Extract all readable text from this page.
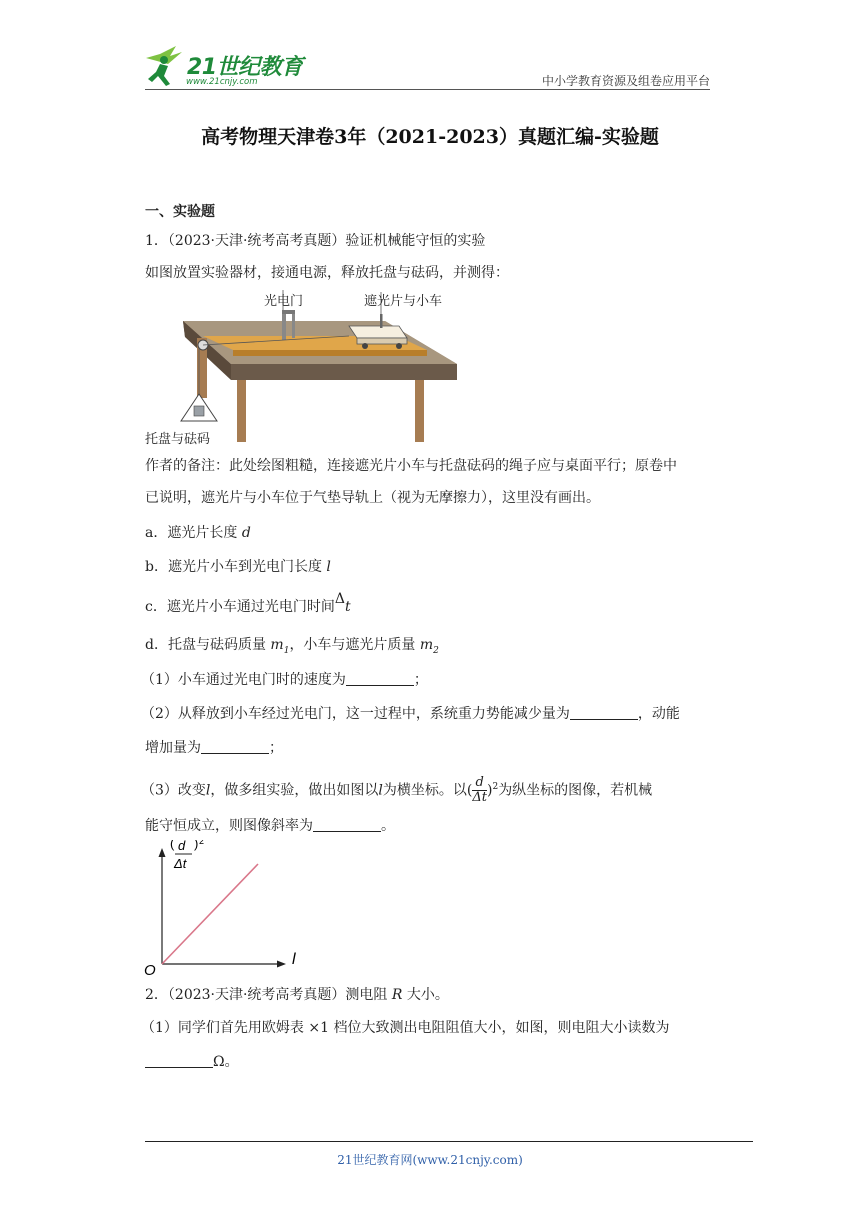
21世纪教育
www.21cnjy.com	中小学教育资源及组卷应用平台
高考物理天津卷3年（2021-2023）真题汇编-实验题
一、实验题
1．（2023·天津·统考高考真题）验证机械能守恒的实验
如图放置实验器材，接通电源，释放托盘与砝码，并测得：
光电门	遮光片与小车
托盘与砝码
作者的备注：此处绘图粗糙，连接遮光片小车与托盘砝码的绳子应与桌面平行；原卷中
已说明，遮光片与小车位于气垫导轨上（视为无摩擦力），这里没有画出。
a．遮光片长度 d
b．遮光片小车到光电门长度 l
c．遮光片小车通过光电门时间Δt
d．托盘与砝码质量 $m_1$，小车与遮光片质量 $m_2$
（1）小车通过光电门时的速度为	；
（2）从释放到小车经过光电门，这一过程中，系统重力势能减少量为	，动能
增加量为	；
（3）改变l，做多组实验，做出如图以l为横坐标。以( $\frac{d}{\Delta t} )^2$为纵坐标的图像，若机械
能守恒成立，则图像斜率为	。
O
l
( d
Δt
) 2
2．（2023·天津·统考高考真题）测电阻 R 大小。
（1）同学们首先用欧姆表 ×1 档位大致测出电阻阻值大小，如图，则电阻大小读数为
Ω。
21世纪教育网(www.21cnjy.com)
